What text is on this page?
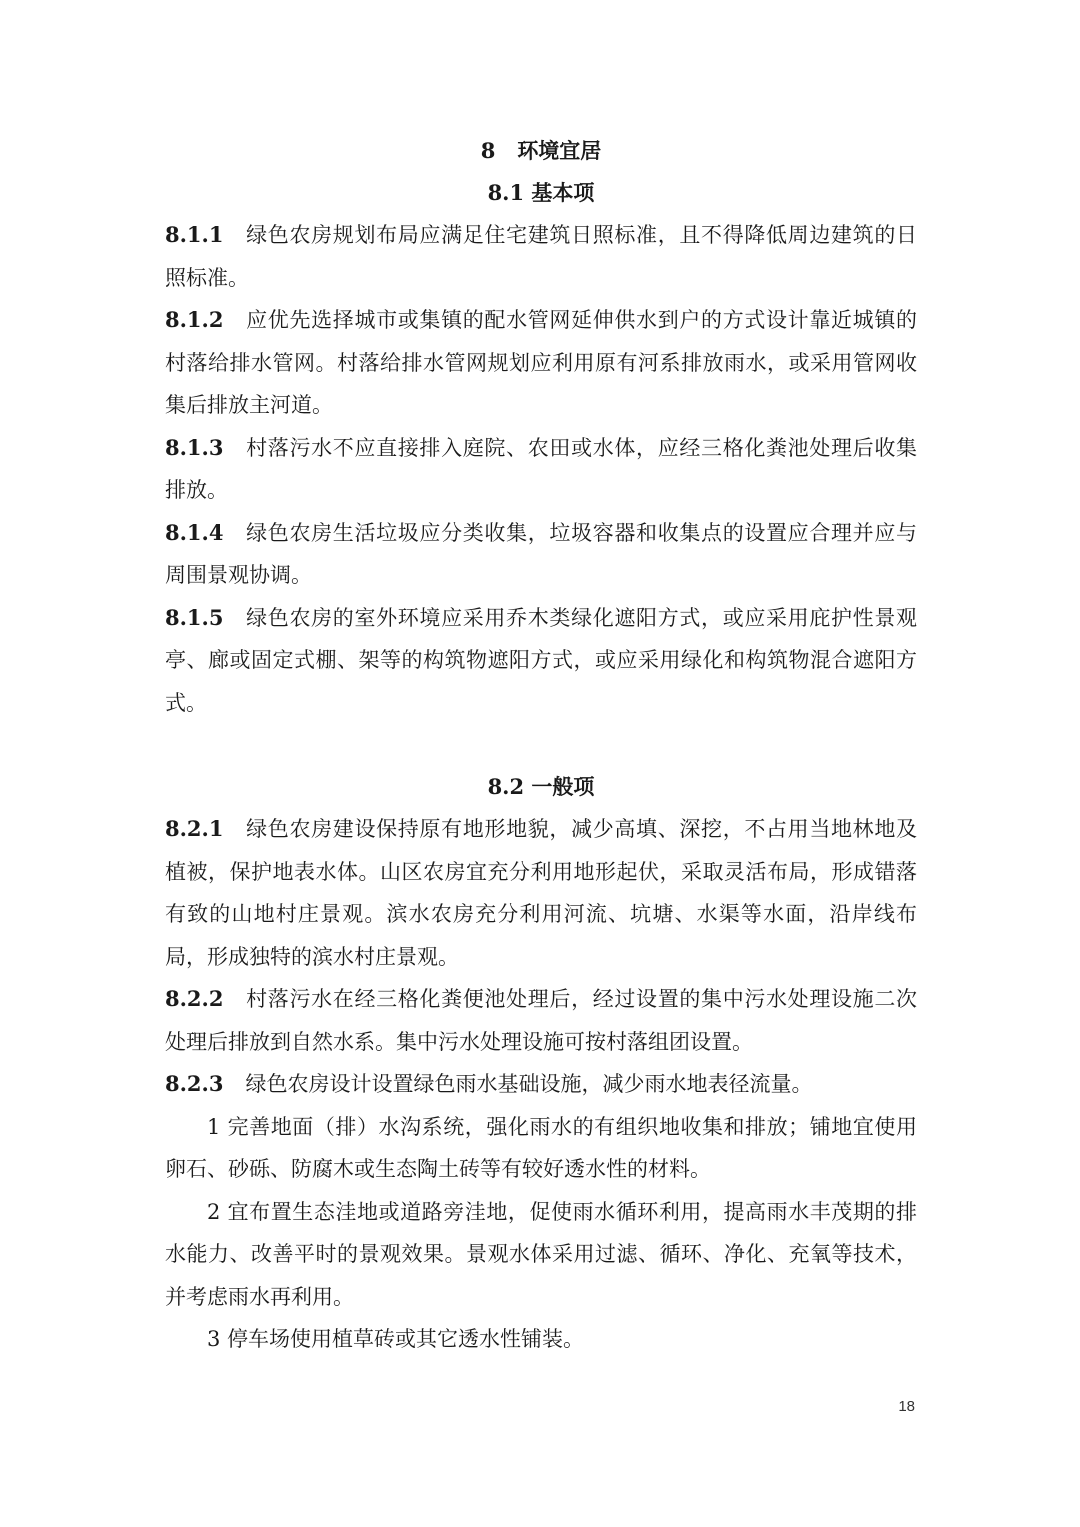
8 环境宜居
8.1 基本项

8.1.1 绿色农房规划布局应满足住宅建筑日照标准，且不得降低周边建筑的日照标准。

8.1.2 应优先选择城市或集镇的配水管网延伸供水到户的方式设计靠近城镇的村落给排水管网。村落给排水管网规划应利用原有河系排放雨水，或采用管网收集后排放主河道。

8.1.3 村落污水不应直接排入庭院、农田或水体，应经三格化粪池处理后收集排放。

8.1.4 绿色农房生活垃圾应分类收集，垃圾容器和收集点的设置应合理并应与周围景观协调。

8.1.5 绿色农房的室外环境应采用乔木类绿化遮阳方式，或应采用庇护性景观亭、廊或固定式棚、架等的构筑物遮阳方式，或应采用绿化和构筑物混合遮阳方式。

8.2 一般项

8.2.1 绿色农房建设保持原有地形地貌，减少高填、深挖，不占用当地林地及植被，保护地表水体。山区农房宜充分利用地形起伏，采取灵活布局，形成错落有致的山地村庄景观。滨水农房充分利用河流、坑塘、水渠等水面，沿岸线布局，形成独特的滨水村庄景观。

8.2.2 村落污水在经三格化粪便池处理后，经过设置的集中污水处理设施二次处理后排放到自然水系。集中污水处理设施可按村落组团设置。

8.2.3 绿色农房设计设置绿色雨水基础设施，减少雨水地表径流量。

1 完善地面（排）水沟系统，强化雨水的有组织地收集和排放；铺地宜使用卵石、砂砾、防腐木或生态陶土砖等有较好透水性的材料。

2 宜布置生态洼地或道路旁洼地，促使雨水循环利用，提高雨水丰茂期的排水能力、改善平时的景观效果。景观水体采用过滤、循环、净化、充氧等技术，并考虑雨水再利用。

3 停车场使用植草砖或其它透水性铺装。

18
